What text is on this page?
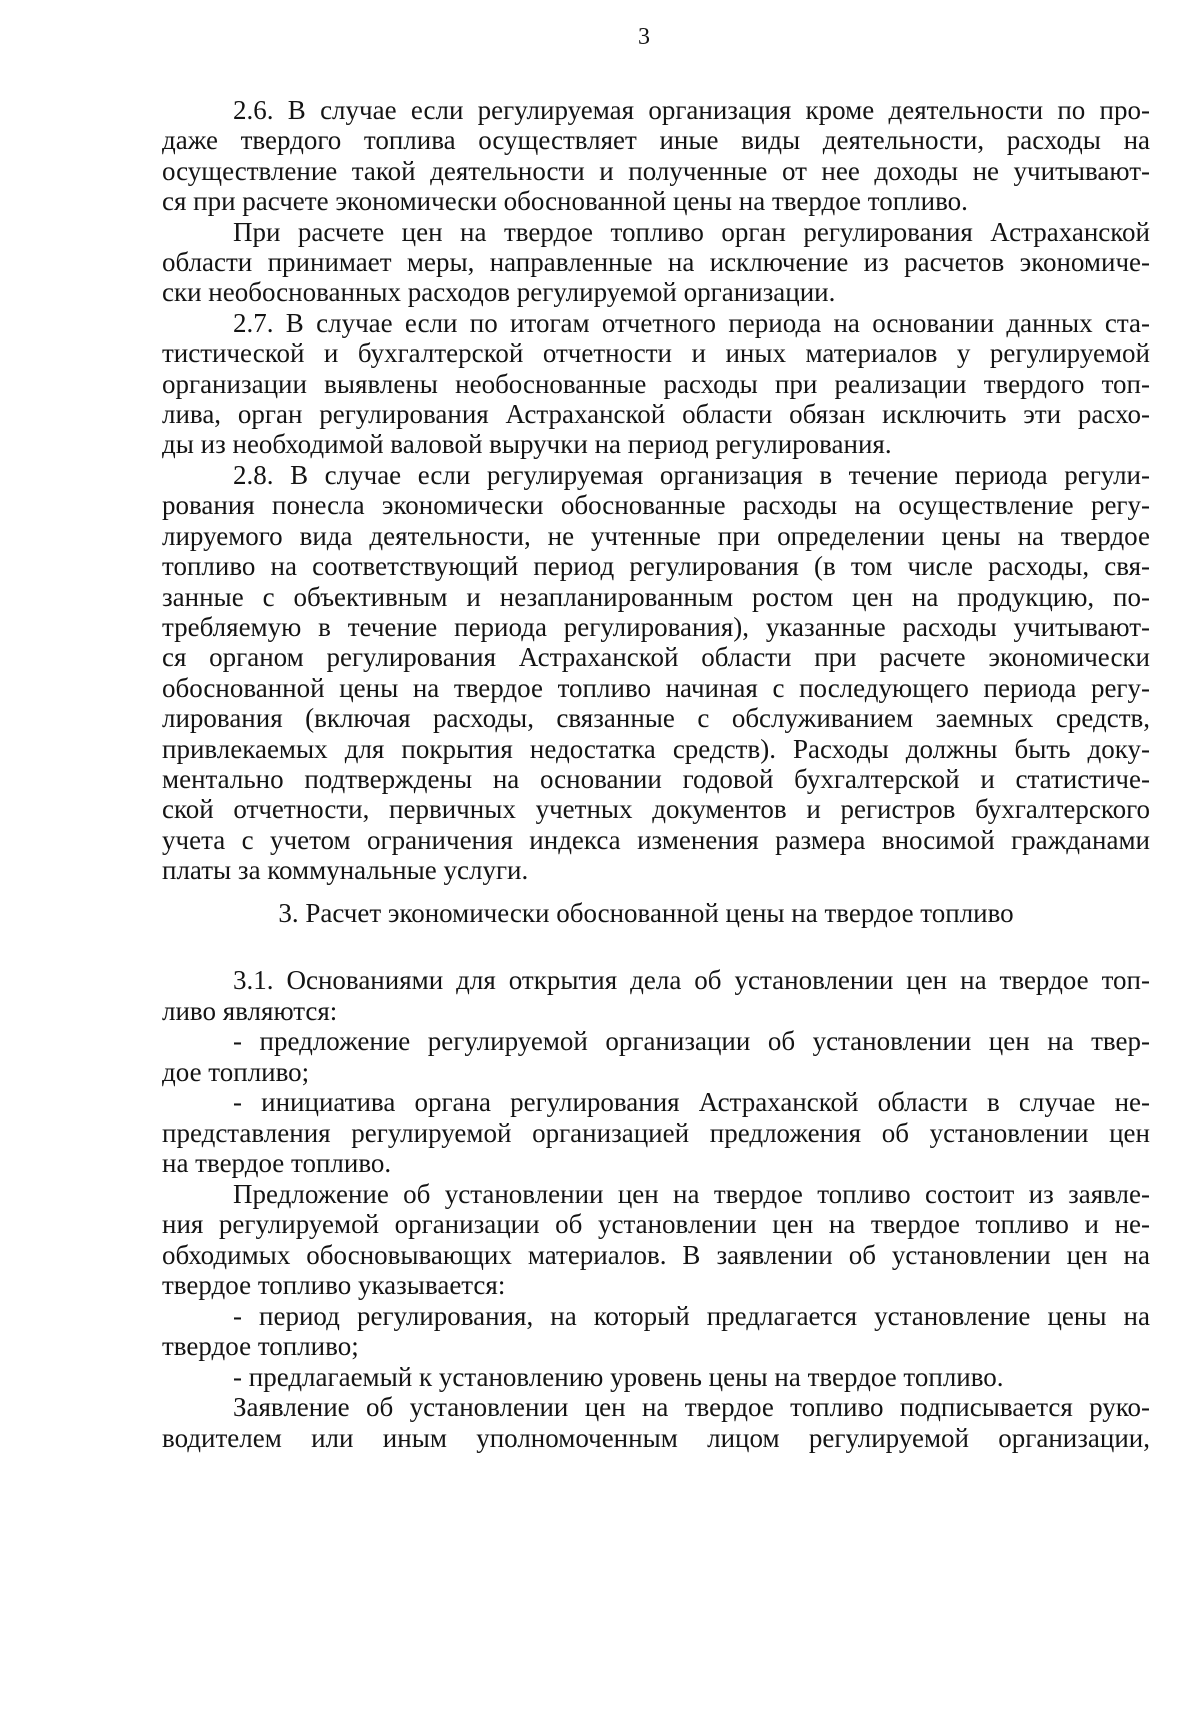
3
2.6. В случае если регулируемая организация кроме деятельности по про-
даже твердого топлива осуществляет иные виды деятельности, расходы на
осуществление такой деятельности и полученные от нее доходы не учитывают-
ся при расчете экономически обоснованной цены на твердое топливо.
При расчете цен на твердое топливо орган регулирования Астраханской
области принимает меры, направленные на исключение из расчетов экономиче-
ски необоснованных расходов регулируемой организации.
2.7. В случае если по итогам отчетного периода на основании данных ста-
тистической и бухгалтерской отчетности и иных материалов у регулируемой
организации выявлены необоснованные расходы при реализации твердого топ-
лива, орган регулирования Астраханской области обязан исключить эти расхо-
ды из необходимой валовой выручки на период регулирования.
2.8. В случае если регулируемая организация в течение периода регули-
рования понесла экономически обоснованные расходы на осуществление регу-
лируемого вида деятельности, не учтенные при определении цены на твердое
топливо на соответствующий период регулирования (в том числе расходы, свя-
занные с объективным и незапланированным ростом цен на продукцию, по-
требляемую в течение периода регулирования), указанные расходы учитывают-
ся органом регулирования Астраханской области при расчете экономически
обоснованной цены на твердое топливо начиная с последующего периода регу-
лирования (включая расходы, связанные с обслуживанием заемных средств,
привлекаемых для покрытия недостатка средств). Расходы должны быть доку-
ментально подтверждены на основании годовой бухгалтерской и статистиче-
ской отчетности, первичных учетных документов и регистров бухгалтерского
учета с учетом ограничения индекса изменения размера вносимой гражданами
платы за коммунальные услуги.
3. Расчет экономически обоснованной цены на твердое топливо
3.1. Основаниями для открытия дела об установлении цен на твердое топ-
ливо являются:
- предложение регулируемой организации об установлении цен на твер-
дое топливо;
- инициатива органа регулирования Астраханской области в случае не-
представления регулируемой организацией предложения об установлении цен
на твердое топливо.
Предложение об установлении цен на твердое топливо состоит из заявле-
ния регулируемой организации об установлении цен на твердое топливо и не-
обходимых обосновывающих материалов. В заявлении об установлении цен на
твердое топливо указывается:
- период регулирования, на который предлагается установление цены на
твердое топливо;
- предлагаемый к установлению уровень цены на твердое топливо.
Заявление об установлении цен на твердое топливо подписывается руко-
водителем или иным уполномоченным лицом регулируемой организации,
